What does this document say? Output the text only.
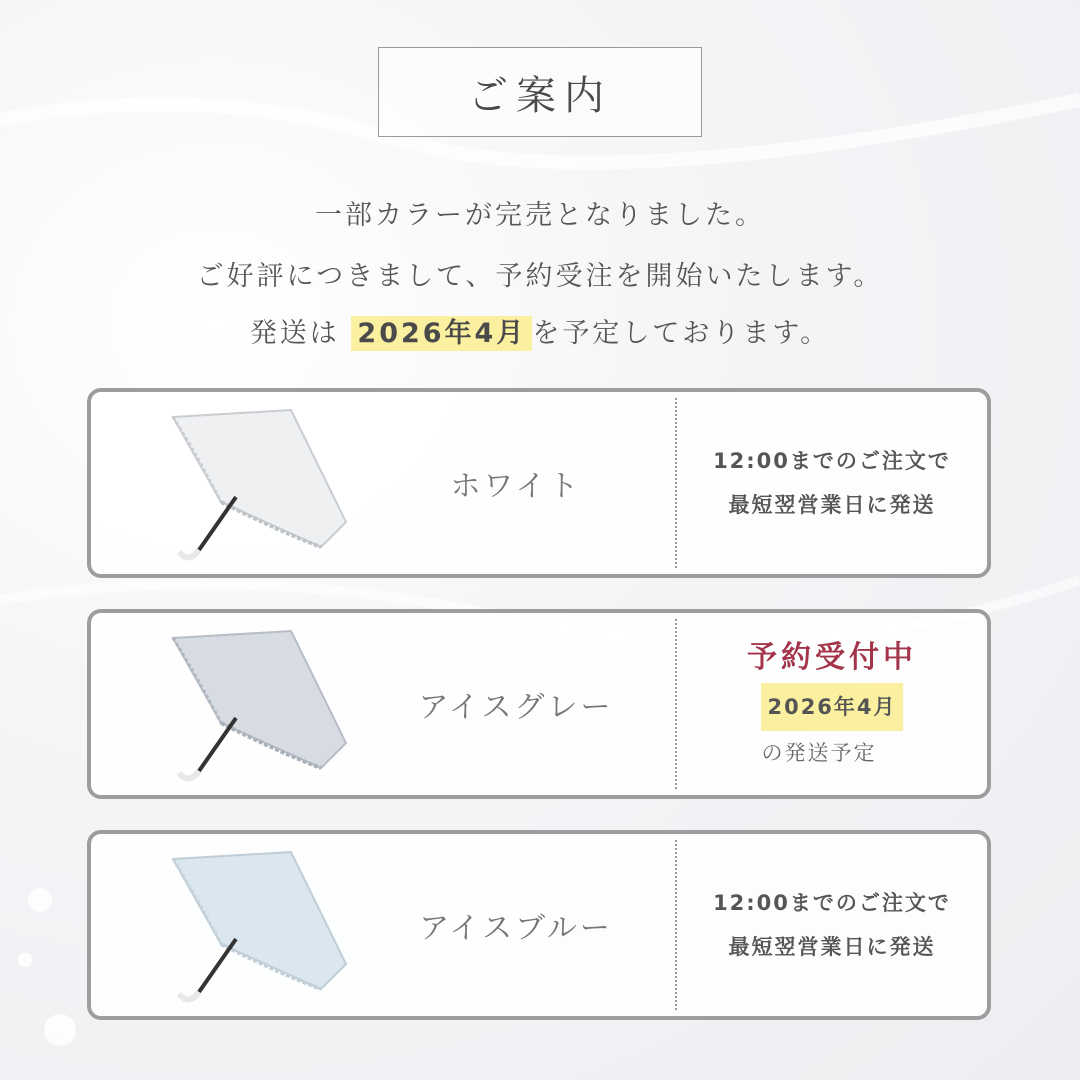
ご案内
一部カラーが完売となりました。
ご好評につきまして、予約受注を開始いたします。
発送は 2026年4月 を予定しております。
ホワイト
12:00までのご注文で
最短翌営業日に発送
アイスグレー
予約受付中
2026年4月
の発送予定
アイスブルー
12:00までのご注文で
最短翌営業日に発送
